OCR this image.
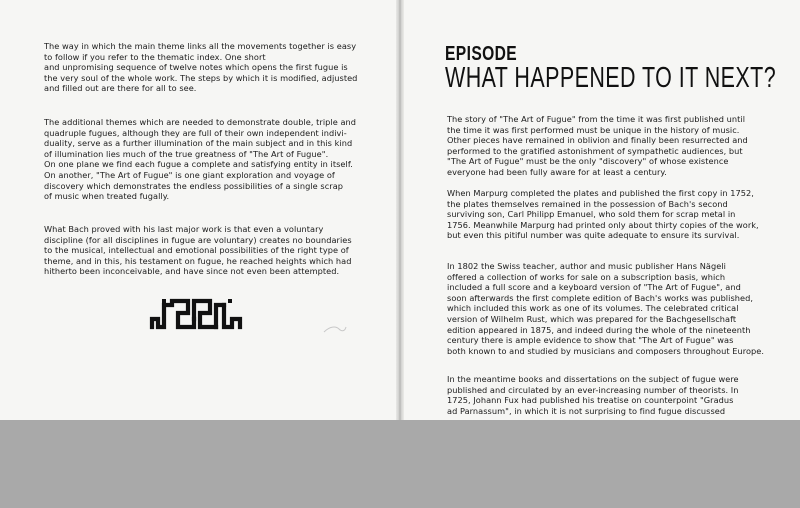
The way in which the main theme links all the movements together is easy
to follow if you refer to the thematic index. One short
and unpromising sequence of twelve notes which opens the first fugue is
the very soul of the whole work. The steps by which it is modified, adjusted
and filled out are there for all to see.

The additional themes which are needed to demonstrate double, triple and
quadruple fugues, although they are full of their own independent indivi-
duality, serve as a further illumination of the main subject and in this kind
of illumination lies much of the true greatness of "The Art of Fugue".
On one plane we find each fugue a complete and satisfying entity in itself.
On another, "The Art of Fugue" is one giant exploration and voyage of
discovery which demonstrates the endless possibilities of a single scrap
of music when treated fugally.

What Bach proved with his last major work is that even a voluntary
discipline (for all disciplines in fugue are voluntary) creates no boundaries
to the musical, intellectual and emotional possibilities of the right type of
theme, and in this, his testament on fugue, he reached heights which had
hitherto been inconceivable, and have since not even been attempted.

EPISODE
WHAT HAPPENED TO IT NEXT?

The story of "The Art of Fugue" from the time it was first published until
the time it was first performed must be unique in the history of music.
Other pieces have remained in oblivion and finally been resurrected and
performed to the gratified astonishment of sympathetic audiences, but
"The Art of Fugue" must be the only "discovery" of whose existence
everyone had been fully aware for at least a century.

When Marpurg completed the plates and published the first copy in 1752,
the plates themselves remained in the possession of Bach's second
surviving son, Carl Philipp Emanuel, who sold them for scrap metal in
1756. Meanwhile Marpurg had printed only about thirty copies of the work,
but even this pitiful number was quite adequate to ensure its survival.

In 1802 the Swiss teacher, author and music publisher Hans Nägeli
offered a collection of works for sale on a subscription basis, which
included a full score and a keyboard version of "The Art of Fugue", and
soon afterwards the first complete edition of Bach's works was published,
which included this work as one of its volumes. The celebrated critical
version of Wilhelm Rust, which was prepared for the Bachgesellschaft
edition appeared in 1875, and indeed during the whole of the nineteenth
century there is ample evidence to show that "The Art of Fugue" was
both known to and studied by musicians and composers throughout Europe.

In the meantime books and dissertations on the subject of fugue were
published and circulated by an ever-increasing number of theorists. In
1725, Johann Fux had published his treatise on counterpoint "Gradus
ad Parnassum", in which it is not surprising to find fugue discussed
